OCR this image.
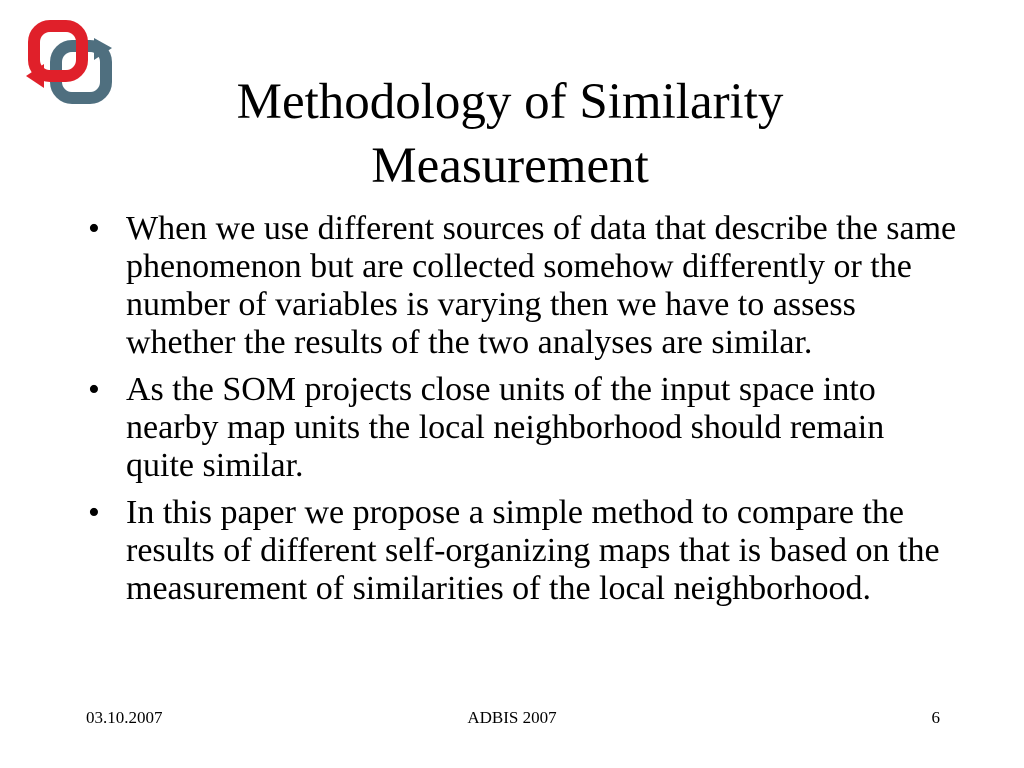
Methodology of Similarity Measurement
• When we use different sources of data that describe the same phenomenon but are collected somehow differently or the number of variables is varying then we have to assess whether the results of the two analyses are similar.
• As the SOM projects close units of the input space into nearby map units the local neighborhood should remain quite similar.
• In this paper we propose a simple method to compare the results of different self-organizing maps that is based on the measurement of similarities of the local neighborhood.
03.10.2007	ADBIS 2007	6
